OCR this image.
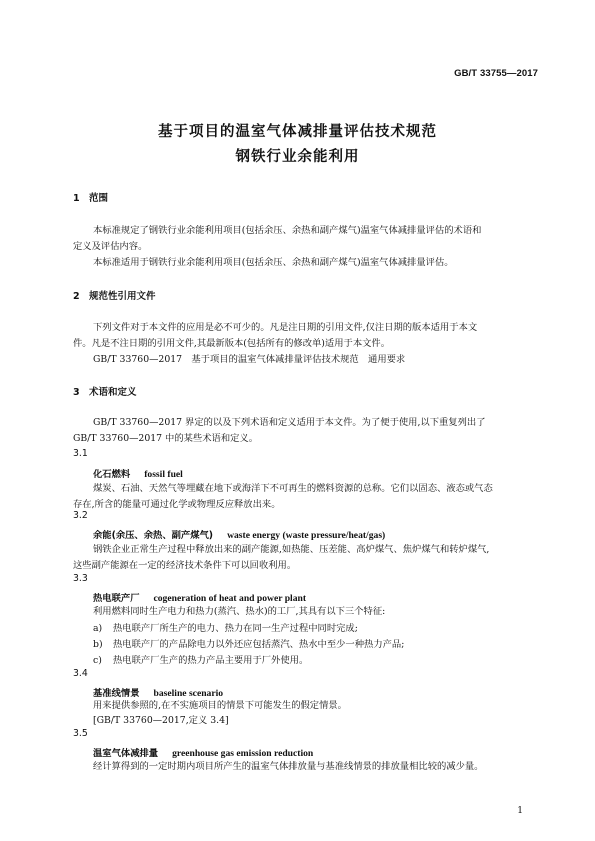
GB/T 33755—2017
基于项目的温室气体减排量评估技术规范
钢铁行业余能利用
1 范围
本标准规定了钢铁行业余能利用项目(包括余压、余热和副产煤气)温室气体减排量评估的术语和
定义及评估内容。
本标准适用于钢铁行业余能利用项目(包括余压、余热和副产煤气)温室气体减排量评估。
2 规范性引用文件
下列文件对于本文件的应用是必不可少的。凡是注日期的引用文件,仅注日期的版本适用于本文
件。凡是不注日期的引用文件,其最新版本(包括所有的修改单)适用于本文件。
GB/T 33760—2017　基于项目的温室气体减排量评估技术规范　通用要求
3 术语和定义
GB/T 33760—2017 界定的以及下列术语和定义适用于本文件。为了便于使用,以下重复列出了
GB/T 33760—2017 中的某些术语和定义。
3.1
化石燃料 fossil fuel
煤炭、石油、天然气等埋藏在地下或海洋下不可再生的燃料资源的总称。它们以固态、液态或气态
存在,所含的能量可通过化学或物理反应释放出来。
3.2
余能(余压、余热、副产煤气) waste energy (waste pressure/heat/gas)
钢铁企业正常生产过程中释放出来的副产能源,如热能、压差能、高炉煤气、焦炉煤气和转炉煤气,
这些副产能源在一定的经济技术条件下可以回收利用。
3.3
热电联产厂 cogeneration of heat and power plant
利用燃料同时生产电力和热力(蒸汽、热水)的工厂,其具有以下三个特征:
a) 热电联产厂所生产的电力、热力在同一生产过程中同时完成;
b) 热电联产厂的产品除电力以外还应包括蒸汽、热水中至少一种热力产品;
c) 热电联产厂生产的热力产品主要用于厂外使用。
3.4
基准线情景 baseline scenario
用来提供参照的,在不实施项目的情景下可能发生的假定情景。
[GB/T 33760—2017,定义 3.4]
3.5
温室气体减排量 greenhouse gas emission reduction
经计算得到的一定时期内项目所产生的温室气体排放量与基准线情景的排放量相比较的减少量。
1
